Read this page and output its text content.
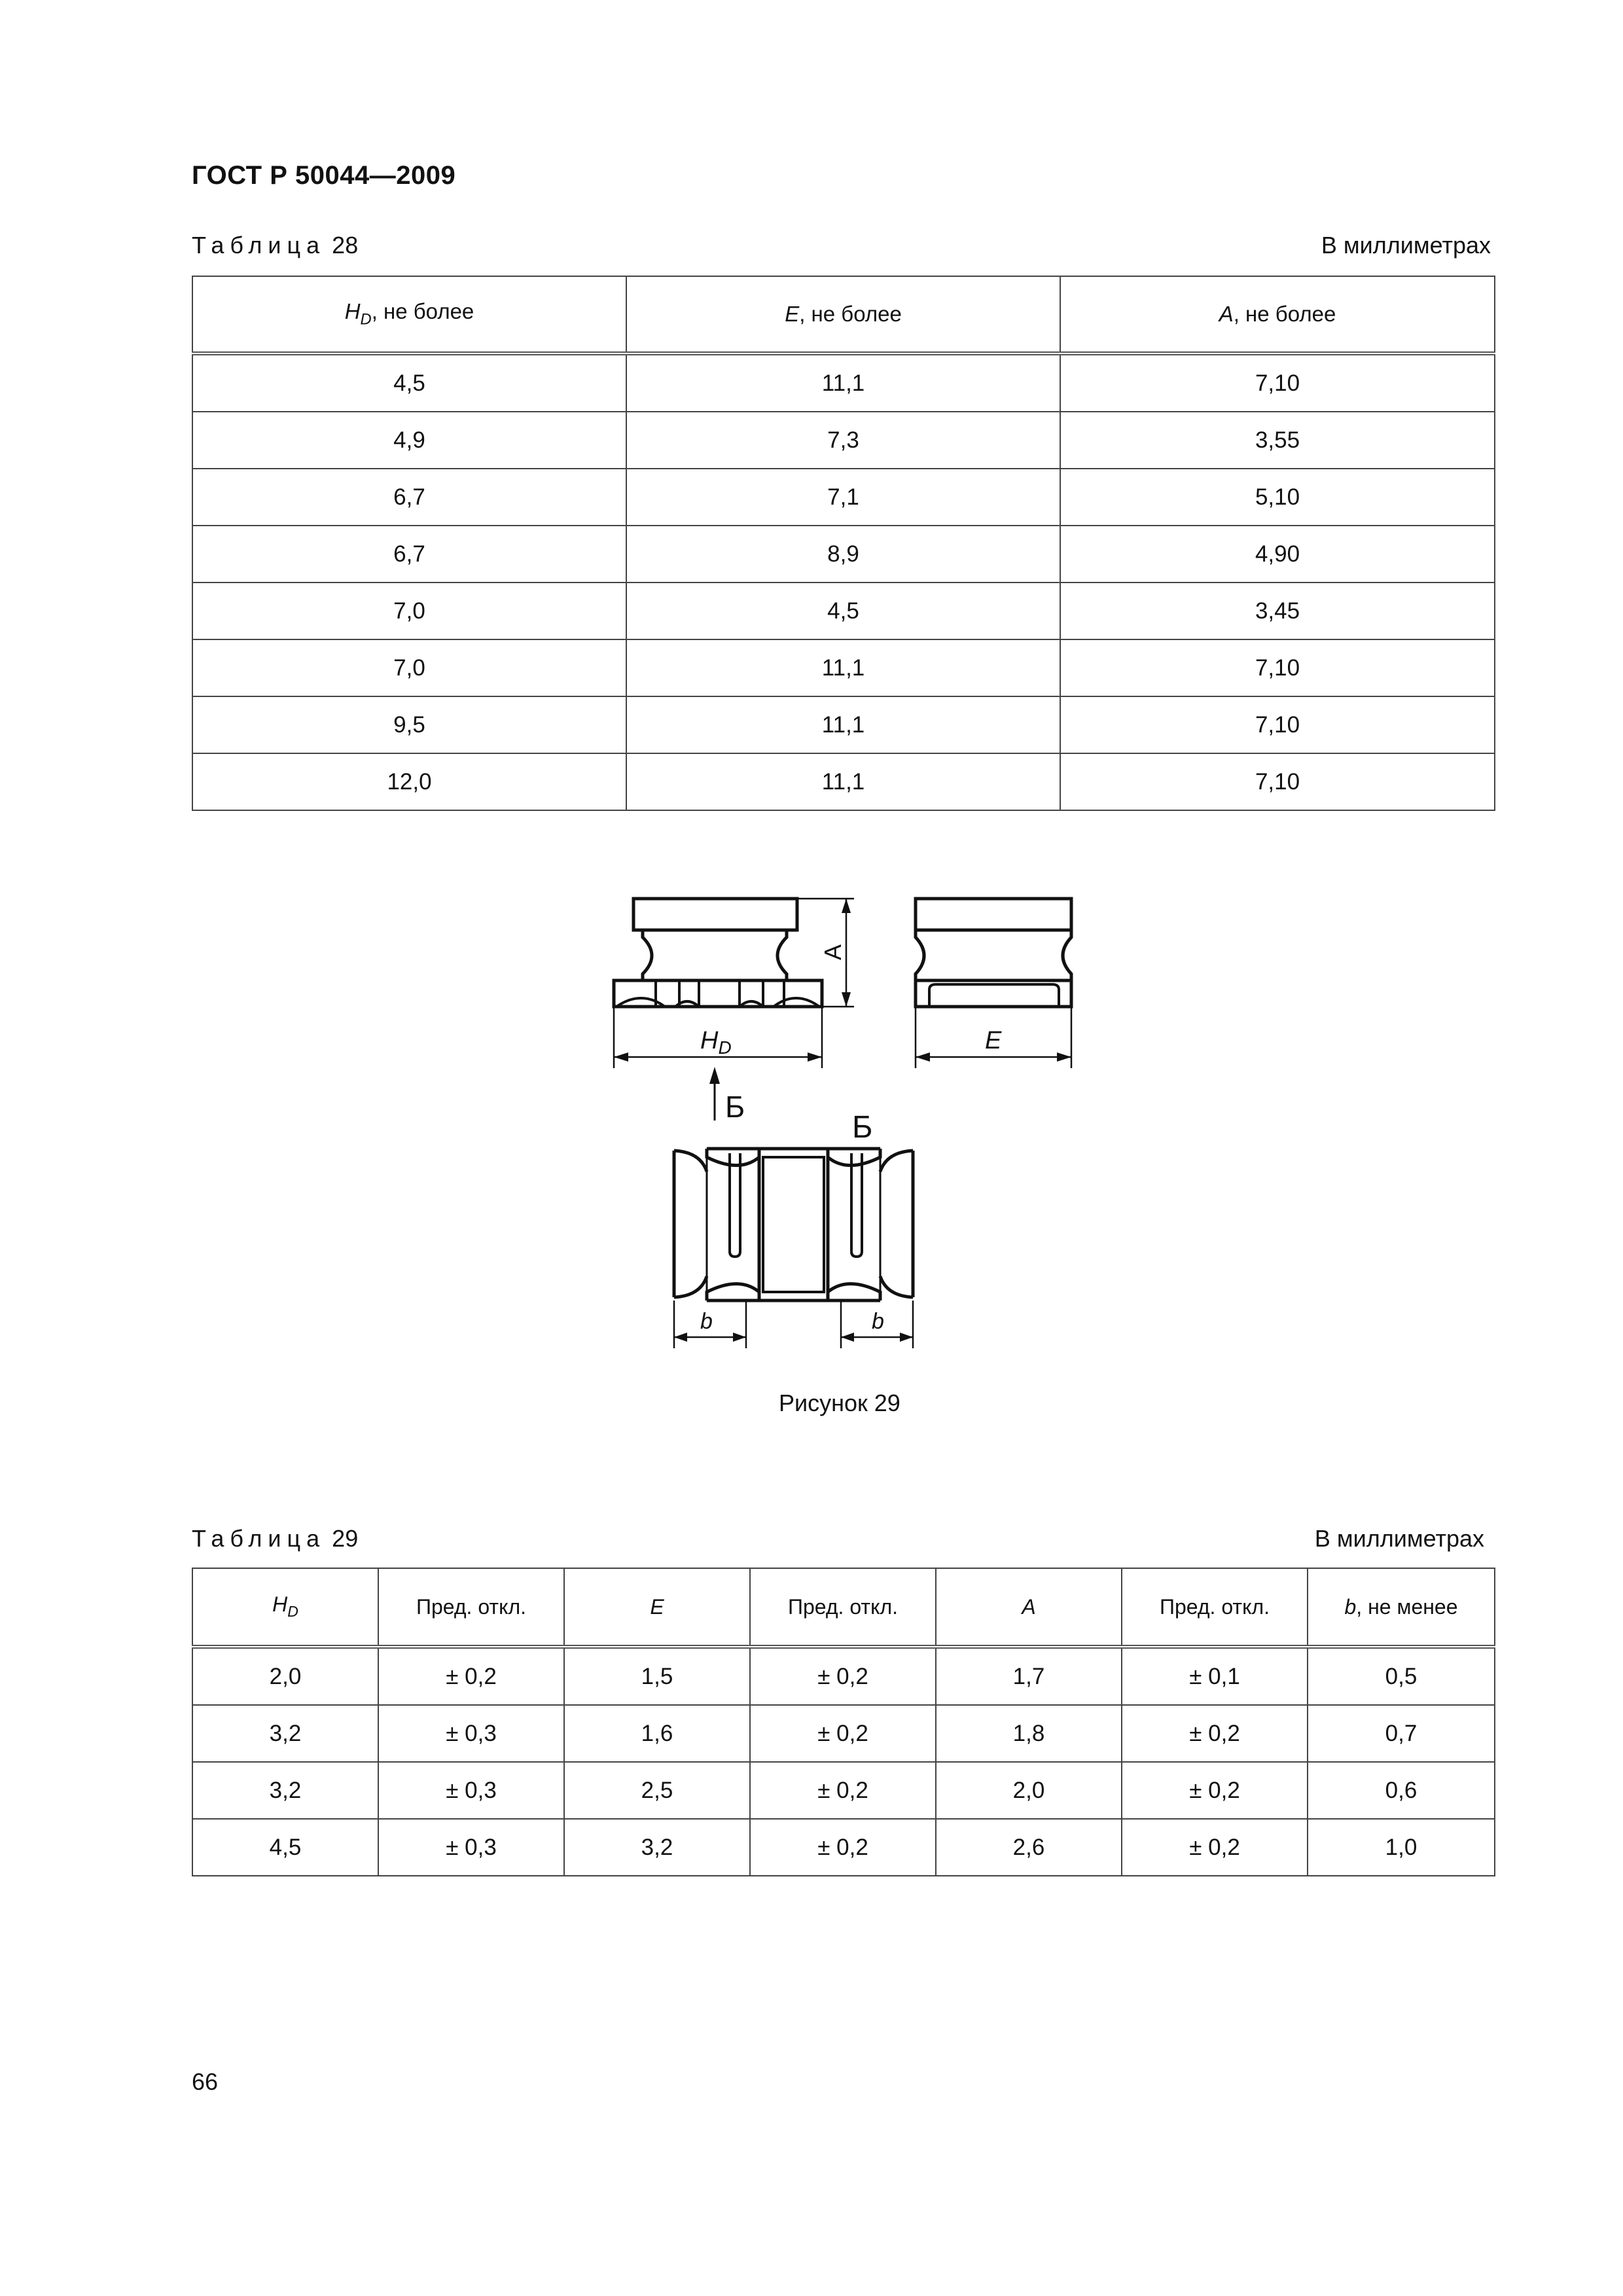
ГОСТ Р 50044—2009
Таблица 28	В миллиметрах
$H_D$, не более	E, не более	A, не более
4,5	11,1	7,10
4,9	7,3	3,55
6,7	7,1	5,10
6,7	8,9	4,90
7,0	4,5	3,45
7,0	11,1	7,10
9,5	11,1	7,10
12,0	11,1	7,10
A
$H_D$	E
Б
Б
b	b
Рисунок 29
Таблица 29	В миллиметрах
$H_D$	Пред. откл.	E	Пред. откл.	A	Пред. откл.	b, не менее
2,0	± 0,2	1,5	± 0,2	1,7	± 0,1	0,5
3,2	± 0,3	1,6	± 0,2	1,8	± 0,2	0,7
3,2	± 0,3	2,5	± 0,2	2,0	± 0,2	0,6
4,5	± 0,3	3,2	± 0,2	2,6	± 0,2	1,0
66
